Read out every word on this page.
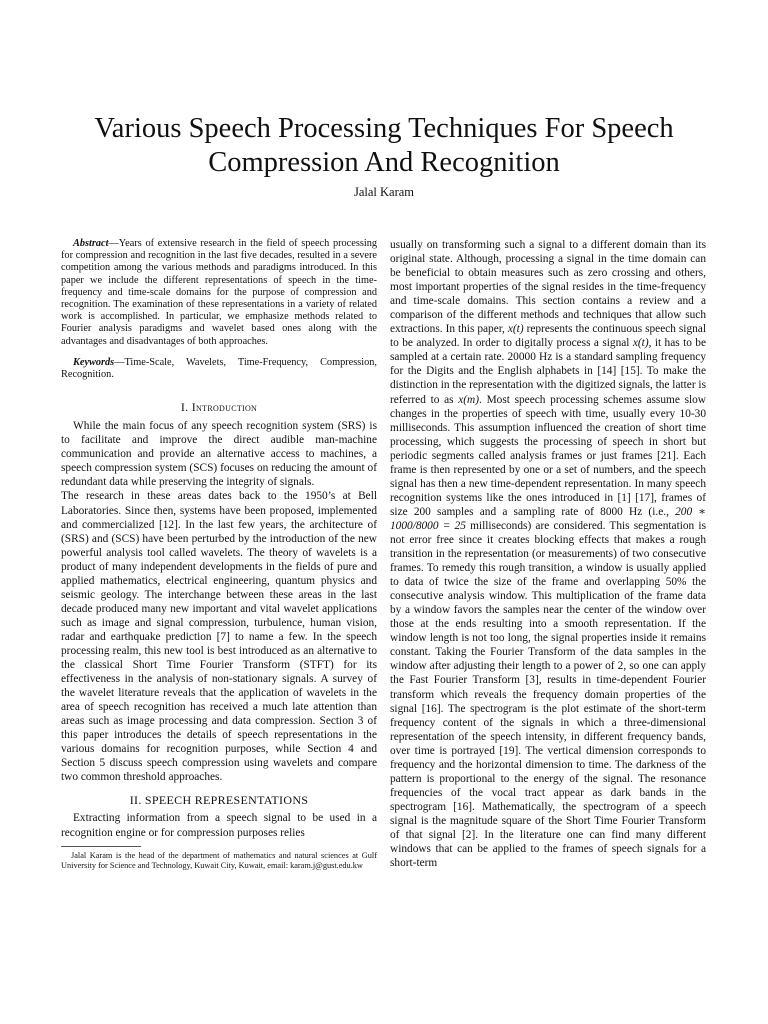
Various Speech Processing Techniques For Speech Compression And Recognition
Jalal Karam

Abstract—Years of extensive research in the field of speech processing for compression and recognition in the last five decades, resulted in a severe competition among the various methods and paradigms introduced. In this paper we include the different representations of speech in the time-frequency and time-scale domains for the purpose of compression and recognition. The examination of these representations in a variety of related work is accomplished. In particular, we emphasize methods related to Fourier analysis paradigms and wavelet based ones along with the advantages and disadvantages of both approaches.

Keywords—Time-Scale, Wavelets, Time-Frequency, Compression, Recognition.

I. Introduction

While the main focus of any speech recognition system (SRS) is to facilitate and improve the direct audible man-machine communication and provide an alternative access to machines, a speech compression system (SCS) focuses on reducing the amount of redundant data while preserving the integrity of signals.

The research in these areas dates back to the 1950’s at Bell Laboratories. Since then, systems have been proposed, implemented and commercialized [12]. In the last few years, the architecture of (SRS) and (SCS) have been perturbed by the introduction of the new powerful analysis tool called wavelets. The theory of wavelets is a product of many independent developments in the fields of pure and applied mathematics, electrical engineering, quantum physics and seismic geology. The interchange between these areas in the last decade produced many new important and vital wavelet applications such as image and signal compression, turbulence, human vision, radar and earthquake prediction [7] to name a few. In the speech processing realm, this new tool is best introduced as an alternative to the classical Short Time Fourier Transform (STFT) for its effectiveness in the analysis of non-stationary signals. A survey of the wavelet literature reveals that the application of wavelets in the area of speech recognition has received a much late attention than areas such as image processing and data compression. Section 3 of this paper introduces the details of speech representations in the various domains for recognition purposes, while Section 4 and Section 5 discuss speech compression using wavelets and compare two common threshold approaches.

II. SPEECH REPRESENTATIONS

Extracting information from a speech signal to be used in a recognition engine or for compression purposes relies

Jalal Karam is the head of the department of mathematics and natural sciences at Gulf University for Science and Technology, Kuwait City, Kuwait, email: karam.j@gust.edu.kw

usually on transforming such a signal to a different domain than its original state. Although, processing a signal in the time domain can be beneficial to obtain measures such as zero crossing and others, most important properties of the signal resides in the time-frequency and time-scale domains. This section contains a review and a comparison of the different methods and techniques that allow such extractions. In this paper, x(t) represents the continuous speech signal to be analyzed. In order to digitally process a signal x(t), it has to be sampled at a certain rate. 20000 Hz is a standard sampling frequency for the Digits and the English alphabets in [14] [15]. To make the distinction in the representation with the digitized signals, the latter is referred to as x(m). Most speech processing schemes assume slow changes in the properties of speech with time, usually every 10-30 milliseconds. This assumption influenced the creation of short time processing, which suggests the processing of speech in short but periodic segments called analysis frames or just frames [21]. Each frame is then represented by one or a set of numbers, and the speech signal has then a new time-dependent representation. In many speech recognition systems like the ones introduced in [1] [17], frames of size 200 samples and a sampling rate of 8000 Hz (i.e., 200 ∗ 1000/8000 = 25 milliseconds) are considered. This segmentation is not error free since it creates blocking effects that makes a rough transition in the representation (or measurements) of two consecutive frames. To remedy this rough transition, a window is usually applied to data of twice the size of the frame and overlapping 50% the consecutive analysis window. This multiplication of the frame data by a window favors the samples near the center of the window over those at the ends resulting into a smooth representation. If the window length is not too long, the signal properties inside it remains constant. Taking the Fourier Transform of the data samples in the window after adjusting their length to a power of 2, so one can apply the Fast Fourier Transform [3], results in time-dependent Fourier transform which reveals the frequency domain properties of the signal [16]. The spectrogram is the plot estimate of the short-term frequency content of the signals in which a three-dimensional representation of the speech intensity, in different frequency bands, over time is portrayed [19]. The vertical dimension corresponds to frequency and the horizontal dimension to time. The darkness of the pattern is proportional to the energy of the signal. The resonance frequencies of the vocal tract appear as dark bands in the spectrogram [16]. Mathematically, the spectrogram of a speech signal is the magnitude square of the Short Time Fourier Transform of that signal [2]. In the literature one can find many different windows that can be applied to the frames of speech signals for a short-term
